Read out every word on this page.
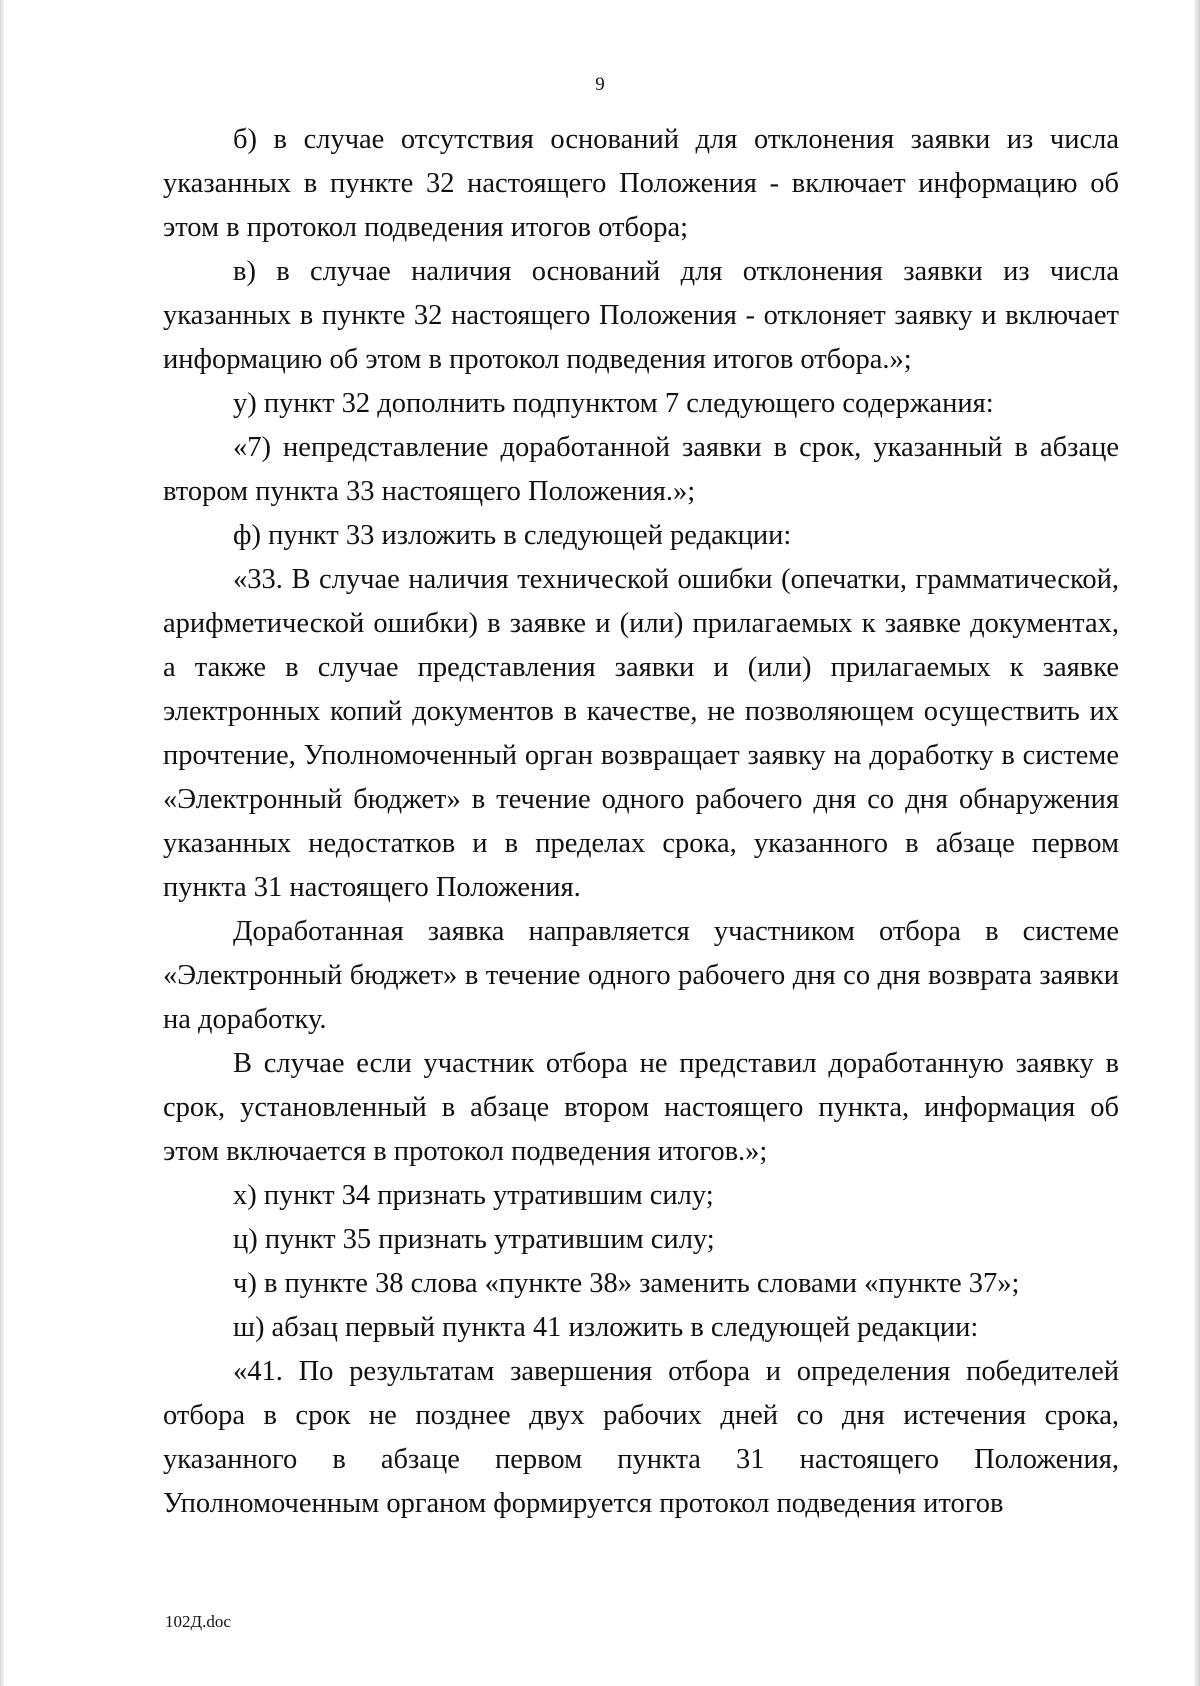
9

б) в случае отсутствия оснований для отклонения заявки из числа указанных в пункте 32 настоящего Положения - включает информацию об этом в протокол подведения итогов отбора;

в) в случае наличия оснований для отклонения заявки из числа указанных в пункте 32 настоящего Положения - отклоняет заявку и включает информацию об этом в протокол подведения итогов отбора.»;

у) пункт 32 дополнить подпунктом 7 следующего содержания:

«7) непредставление доработанной заявки в срок, указанный в абзаце втором пункта 33 настоящего Положения.»;

ф) пункт 33 изложить в следующей редакции:

«33. В случае наличия технической ошибки (опечатки, грамматической, арифметической ошибки) в заявке и (или) прилагаемых к заявке документах, а также в случае представления заявки и (или) прилагаемых к заявке электронных копий документов в качестве, не позволяющем осуществить их прочтение, Уполномоченный орган возвращает заявку на доработку в системе «Электронный бюджет» в течение одного рабочего дня со дня обнаружения указанных недостатков и в пределах срока, указанного в абзаце первом пункта 31 настоящего Положения.

Доработанная заявка направляется участником отбора в системе «Электронный бюджет» в течение одного рабочего дня со дня возврата заявки на доработку.

В случае если участник отбора не представил доработанную заявку в срок, установленный в абзаце втором настоящего пункта, информация об этом включается в протокол подведения итогов.»;

х) пункт 34 признать утратившим силу;

ц) пункт 35 признать утратившим силу;

ч) в пункте 38 слова «пункте 38» заменить словами «пункте 37»;

ш) абзац первый пункта 41 изложить в следующей редакции:

«41. По результатам завершения отбора и определения победителей отбора в срок не позднее двух рабочих дней со дня истечения срока, указанного в абзаце первом пункта 31 настоящего Положения, Уполномоченным органом формируется протокол подведения итогов

102Д.doc
